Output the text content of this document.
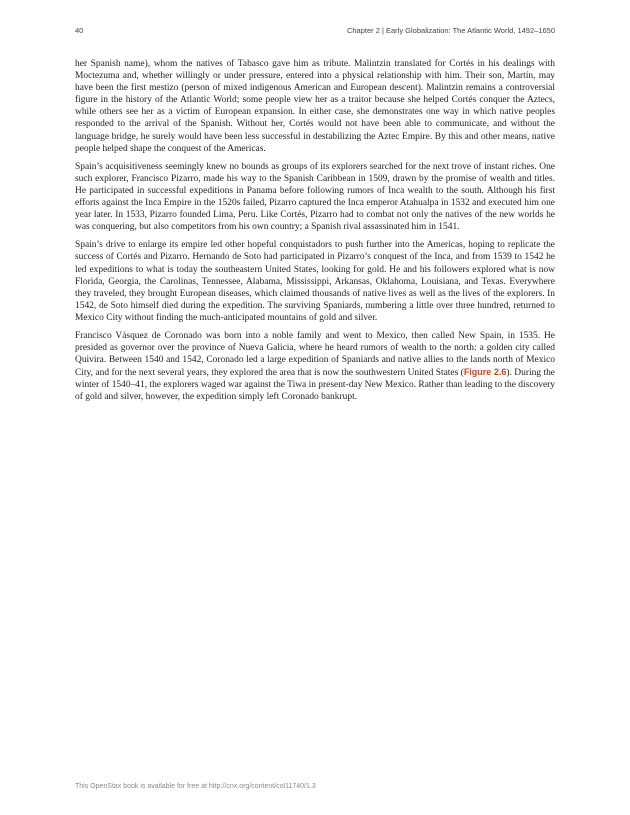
40	Chapter 2 | Early Globalization: The Atlantic World, 1492–1650

her Spanish name), whom the natives of Tabasco gave him as tribute. Malintzin translated for Cortés in his dealings with Moctezuma and, whether willingly or under pressure, entered into a physical relationship with him. Their son, Martín, may have been the first mestizo (person of mixed indigenous American and European descent). Malintzin remains a controversial figure in the history of the Atlantic World; some people view her as a traitor because she helped Cortés conquer the Aztecs, while others see her as a victim of European expansion. In either case, she demonstrates one way in which native peoples responded to the arrival of the Spanish. Without her, Cortés would not have been able to communicate, and without the language bridge, he surely would have been less successful in destabilizing the Aztec Empire. By this and other means, native people helped shape the conquest of the Americas.

Spain’s acquisitiveness seemingly knew no bounds as groups of its explorers searched for the next trove of instant riches. One such explorer, Francisco Pizarro, made his way to the Spanish Caribbean in 1509, drawn by the promise of wealth and titles. He participated in successful expeditions in Panama before following rumors of Inca wealth to the south. Although his first efforts against the Inca Empire in the 1520s failed, Pizarro captured the Inca emperor Atahualpa in 1532 and executed him one year later. In 1533, Pizarro founded Lima, Peru. Like Cortés, Pizarro had to combat not only the natives of the new worlds he was conquering, but also competitors from his own country; a Spanish rival assassinated him in 1541.

Spain’s drive to enlarge its empire led other hopeful conquistadors to push further into the Americas, hoping to replicate the success of Cortés and Pizarro. Hernando de Soto had participated in Pizarro’s conquest of the Inca, and from 1539 to 1542 he led expeditions to what is today the southeastern United States, looking for gold. He and his followers explored what is now Florida, Georgia, the Carolinas, Tennessee, Alabama, Mississippi, Arkansas, Oklahoma, Louisiana, and Texas. Everywhere they traveled, they brought European diseases, which claimed thousands of native lives as well as the lives of the explorers. In 1542, de Soto himself died during the expedition. The surviving Spaniards, numbering a little over three hundred, returned to Mexico City without finding the much-anticipated mountains of gold and silver.

Francisco Vásquez de Coronado was born into a noble family and went to Mexico, then called New Spain, in 1535. He presided as governor over the province of Nueva Galicia, where he heard rumors of wealth to the north: a golden city called Quivira. Between 1540 and 1542, Coronado led a large expedition of Spaniards and native allies to the lands north of Mexico City, and for the next several years, they explored the area that is now the southwestern United States (Figure 2.6). During the winter of 1540–41, the explorers waged war against the Tiwa in present-day New Mexico. Rather than leading to the discovery of gold and silver, however, the expedition simply left Coronado bankrupt.

This OpenStax book is available for free at http://cnx.org/content/col11740/1.3
